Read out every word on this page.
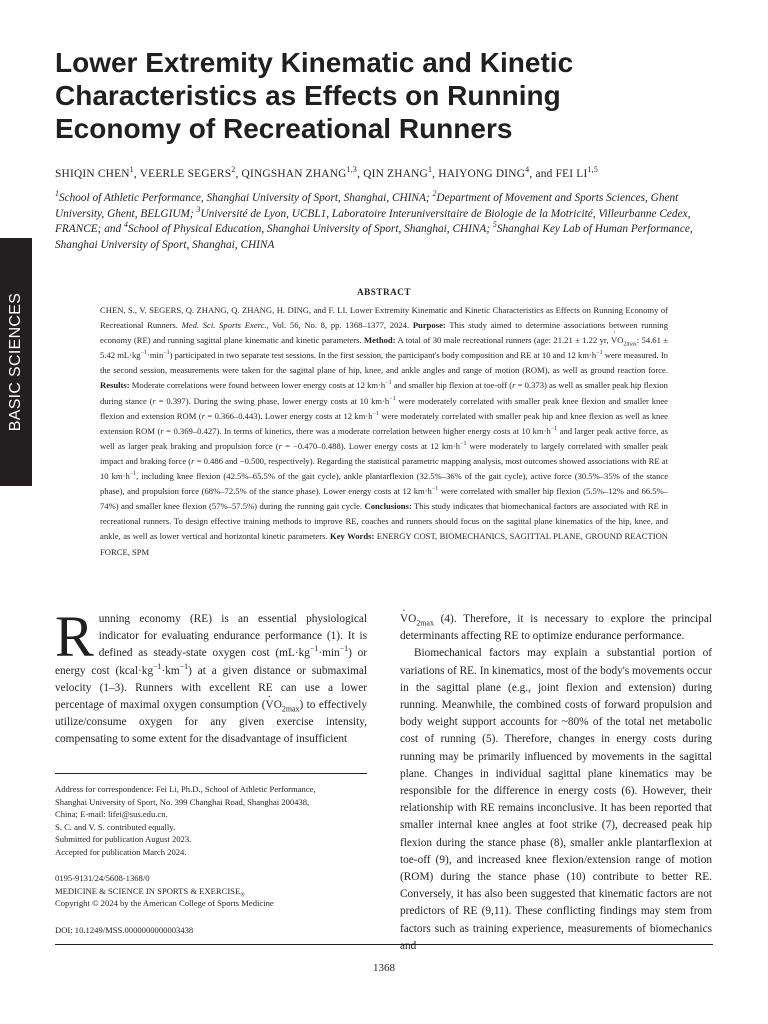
BASIC SCIENCES
Lower Extremity Kinematic and Kinetic Characteristics as Effects on Running Economy of Recreational Runners
SHIQIN CHEN$^1$, VEERLE SEGERS$^2$, QINGSHAN ZHANG$^{1,3}$, QIN ZHANG$^1$, HAIYONG DING$^4$, and FEI LI$^{1,5}$
$^1$School of Athletic Performance, Shanghai University of Sport, Shanghai, CHINA; $^2$Department of Movement and Sports Sciences, Ghent University, Ghent, BELGIUM; $^3$Université de Lyon, UCBL1, Laboratoire Interuniversitaire de Biologie de la Motricité, Villeurbanne Cedex, FRANCE; and $^4$School of Physical Education, Shanghai University of Sport, Shanghai, CHINA; $^5$Shanghai Key Lab of Human Performance, Shanghai University of Sport, Shanghai, CHINA
ABSTRACT
CHEN, S., V. SEGERS, Q. ZHANG, Q. ZHANG, H. DING, and F. LI. Lower Extremity Kinematic and Kinetic Characteristics as Effects on Running Economy of Recreational Runners. Med. Sci. Sports Exerc., Vol. 56, No. 8, pp. 1368–1377, 2024. Purpose: This study aimed to determine associations between running economy (RE) and running sagittal plane kinematic and kinetic parameters. Method: A total of 30 male recreational runners (age: 21.21 ± 1.22 yr, · $VO_{2max}$: 54.61 ± 5.42 $mL\cdot kg^{-1}\cdot\min^{-1}$) participated in two separate test sessions. In the first session, the participant's body composition and RE at 10 and 12 $km\cdot h^{-1}$ were measured. In the second session, measurements were taken for the sagittal plane of hip, knee, and ankle angles and range of motion (ROM), as well as ground reaction force. Results: Moderate correlations were found between lower energy costs at 12 $km\cdot h^{-1}$ and smaller hip flexion at toe-off (r = 0.373) as well as smaller peak hip flexion during stance (r = 0.397). During the swing phase, lower energy costs at 10 $km\cdot h^{-1}$ were moderately correlated with smaller peak knee flexion and smaller knee flexion and extension ROM (r = 0.366–0.443). Lower energy costs at 12 $km\cdot h^{-1}$ were moderately correlated with smaller peak hip and knee flexion as well as knee extension ROM (r = 0.369–0.427). In terms of kinetics, there was a moderate correlation between higher energy costs at 10 $km\cdot h^{-1}$ and larger peak active force, as well as larger peak braking and propulsion force (r = −0.470–0.488). Lower energy costs at 12 $km\cdot h^{-1}$ were moderately to largely correlated with smaller peak impact and braking force (r = 0.486 and −0.500, respectively). Regarding the statistical parametric mapping analysis, most outcomes showed associations with RE at 10 $km\cdot h^{-1}$, including knee flexion (42.5%–65.5% of the gait cycle), ankle plantarflexion (32.5%–36% of the gait cycle), active force (30.5%–35% of the stance phase), and propulsion force (68%–72.5% of the stance phase). Lower energy costs at 12 $km\cdot h^{-1}$ were correlated with smaller hip flexion (5.5%–12% and 66.5%–74%) and smaller knee flexion (57%–57.5%) during the running gait cycle. Conclusions: This study indicates that biomechanical factors are associated with RE in recreational runners. To design effective training methods to improve RE, coaches and runners should focus on the sagittal plane kinematics of the hip, knee, and ankle, as well as lower vertical and horizontal kinetic parameters. Key Words: ENERGY COST, BIOMECHANICS, SAGITTAL PLANE, GROUND REACTION FORCE, SPM

Running economy (RE) is an essential physiological indicator for evaluating endurance performance (1). It is defined as steady-state oxygen cost $(mL\cdot kg^{-1}\cdot\min^{-1})$ or energy cost $(kcal\cdot kg^{-1}\cdot km^{-1})$ at a given distance or submaximal velocity (1–3). Runners with excellent RE can use a lower percentage of maximal oxygen consumption (· $VO_{2max}$) to effectively utilize/consume oxygen for any given exercise intensity, compensating to some extent for the disadvantage of insufficient

Address for correspondence: Fei Li, Ph.D., School of Athletic Performance,
Shanghai University of Sport, No. 399 Changhai Road, Shanghai 200438,
China; E-mail: lifei@sus.edu.cn.
S. C. and V. S. contributed equally.
Submitted for publication August 2023.
Accepted for publication March 2024.
0195-9131/24/5608-1368/0
MEDICINE & SCIENCE IN SPORTS & $EXERCISE_®$
Copyright © 2024 by the American College of Sports Medicine
DOI: 10.1249/MSS.0000000000003438

· $VO_{2max}$ (4). Therefore, it is necessary to explore the principal determinants affecting RE to optimize endurance performance.

Biomechanical factors may explain a substantial portion of variations of RE. In kinematics, most of the body's movements occur in the sagittal plane (e.g., joint flexion and extension) during running. Meanwhile, the combined costs of forward propulsion and body weight support accounts for ~80% of the total net metabolic cost of running (5). Therefore, changes in energy costs during running may be primarily influenced by movements in the sagittal plane. Changes in individual sagittal plane kinematics may be responsible for the difference in energy costs (6). However, their relationship with RE remains inconclusive. It has been reported that smaller internal knee angles at foot strike (7), decreased peak hip flexion during the stance phase (8), smaller ankle plantarflexion at toe-off (9), and increased knee flexion/extension range of motion (ROM) during the stance phase (10) contribute to better RE. Conversely, it has also been suggested that kinematic factors are not predictors of RE (9,11). These conflicting findings may stem from factors such as training experience, measurements of biomechanics and

1368
